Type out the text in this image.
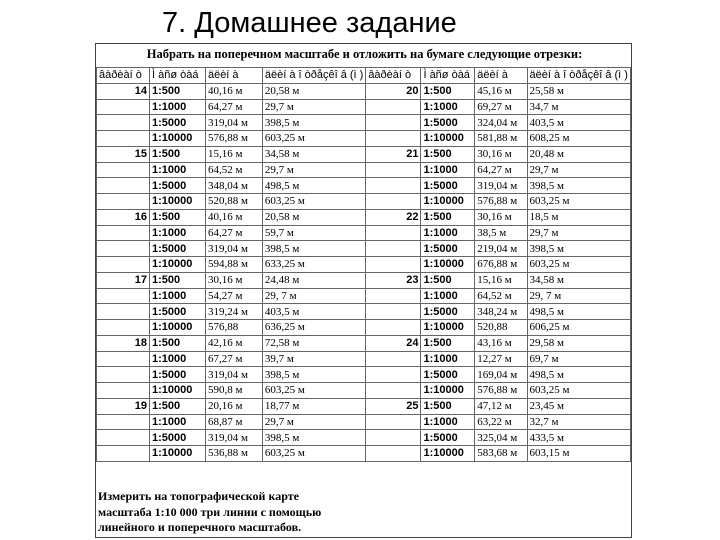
7. Домашнее задание
Набрать на поперечном масштабе и отложить на бумаге следующие отрезки:
âàðèàí ò	Ì àñø òàá	äëèí à	äëèí à î òðåçêî â (ì )	âàðèàí ò	Ì àñø òàá	äëèí à	äëèí à î òðåçêî â (ì )
14	1:500	40,16 м	20,58 м	20	1:500	45,16 м	25,58 м
	1:1000	64,27 м	29,7 м		1:1000	69,27 м	34,7 м
	1:5000	319,04 м	398,5 м		1:5000	324,04 м	403,5 м
	1:10000	576,88 м	603,25 м		1:10000	581,88 м	608,25 м
15	1:500	15,16 м	34,58 м	21	1:500	30,16 м	20,48 м
	1:1000	64,52 м	29,7 м		1:1000	64,27 м	29,7 м
	1:5000	348,04 м	498,5 м		1:5000	319,04 м	398,5 м
	1:10000	520,88 м	603,25 м		1:10000	576,88 м	603,25 м
16	1:500	40,16 м	20,58 м	22	1:500	30,16 м	18,5 м
	1:1000	64,27 м	59,7 м		1:1000	38,5 м	29,7 м
	1:5000	319,04 м	398,5 м		1:5000	219,04 м	398,5 м
	1:10000	594,88 м	633,25 м		1:10000	676,88 м	603,25 м
17	1:500	30,16 м	24,48 м	23	1:500	15,16 м	34,58 м
	1:1000	54,27 м	29, 7 м		1:1000	64,52 м	29, 7 м
	1:5000	319,24 м	403,5 м		1:5000	348,24 м	498,5 м
	1:10000	576,88	636,25 м		1:10000	520,88	606,25 м
18	1:500	42,16 м	72,58 м	24	1:500	43,16 м	29,58 м
	1:1000	67,27 м	39,7 м		1:1000	12,27 м	69,7 м
	1:5000	319,04 м	398,5 м		1:5000	169,04 м	498,5 м
	1:10000	590,8 м	603,25 м		1:10000	576,88 м	603,25 м
19	1:500	20,16 м	18,77 м	25	1:500	47,12 м	23,45 м
	1:1000	68,87 м	29,7 м		1:1000	63,22 м	32,7 м
	1:5000	319,04 м	398,5 м		1:5000	325,04 м	433,5 м
	1:10000	536,88 м	603,25 м		1:10000	583,68 м	603,15 м
Измерить на топографической карте
масштаба 1:10 000 три линии с помощью
линейного и поперечного масштабов.
